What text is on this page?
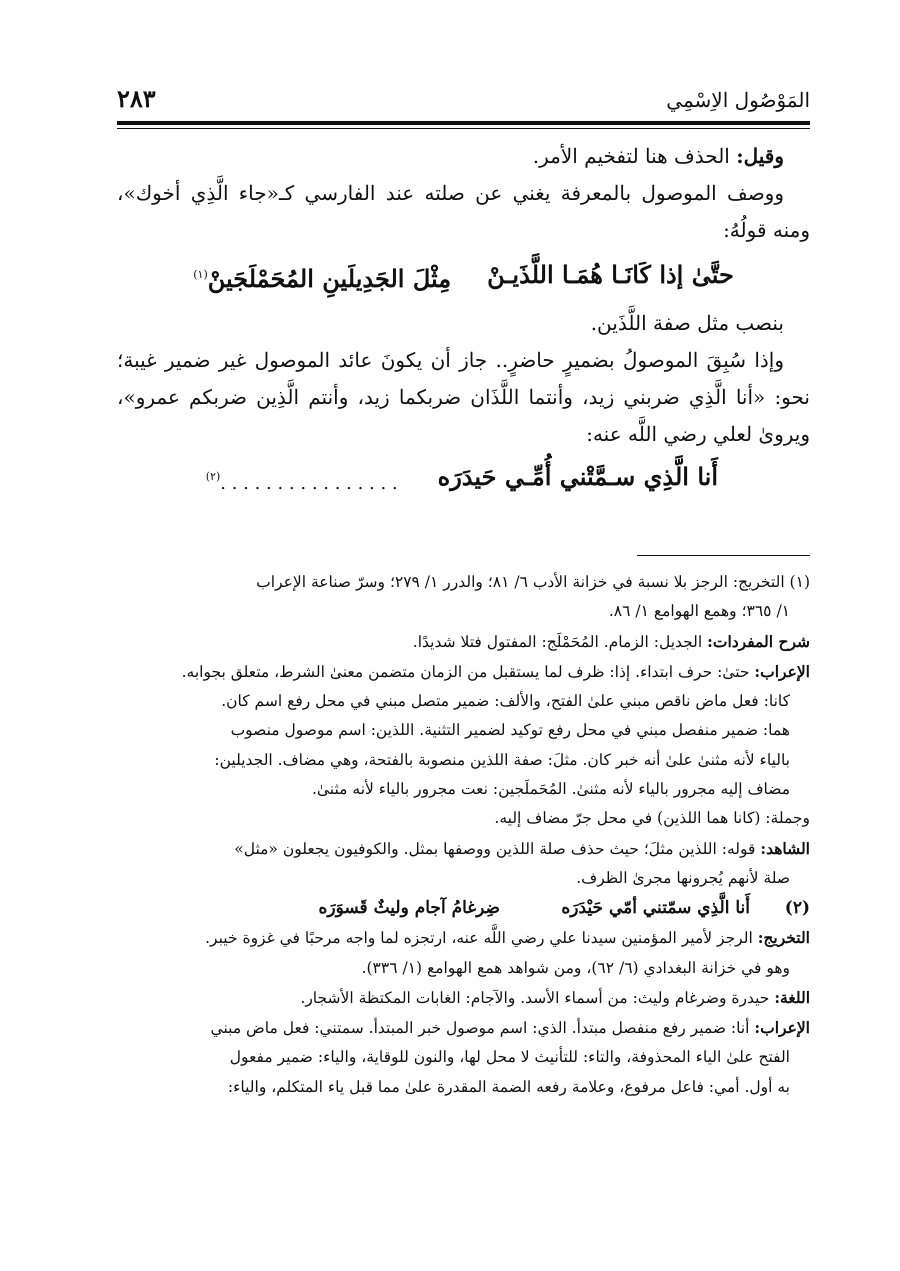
المَوْصُول الاِسْمِي
٢٨٣

وقيل: الحذف هنا لتفخيم الأمر.

ووصف الموصول بالمعرفة يغني عن صلته عند الفارسي كـ«جاء الَّذِي أخوك»، ومنه قولُهُ:

حتَّىٰ إذا كَانَـا هُمَـا اللَّذَيـنْ
مِثْلَ الجَدِيلَينِ المُحَمْلَجَينْ$^{(١)}$

بنصب مثل صفة اللَّذَين.

وإذا سُبِقَ الموصولُ بضميرٍ حاضرٍ.. جاز أن يكونَ عائد الموصول غير ضمير غيبة؛ نحو: «أنا الَّذِي ضربني زيد، وأنتما اللَّذَان ضربكما زيد، وأنتم الَّذِين ضربكم عمرو»، ويروىٰ لعلي رضي اللَّه عنه:

أَنا الَّذِي سـمَّتْني أُمِّـي حَيدَرَه
. . . . . . . . . . . . . . . .$^{(٢)}$

(١) التخريج: الرجز بلا نسبة في خزانة الأدب ٦/ ٨١؛ والدرر ١/ ٢٧٩؛ وسرّ صناعة الإعراب

١/ ٣٦٥؛ وهمع الهوامع ١/ ٨٦.

شرح المفردات: الجديل: الزمام. المُحَمْلَج: المفتول فتلا شديدًا.

الإعراب: حتىٰ: حرف ابتداء. إذا: ظرف لما يستقبل من الزمان متضمن معنىٰ الشرط، متعلق بجوابه.

كانا: فعل ماض ناقص مبني علىٰ الفتح، والألف: ضمير متصل مبني في محل رفع اسم كان.

هما: ضمير منفصل مبني في محل رفع توكيد لضمير التثنية. اللذين: اسم موصول منصوب

بالياء لأنه مثنىٰ علىٰ أنه خبر كان. مثلَ: صفة اللذين منصوبة بالفتحة، وهي مضاف. الجديلين:

مضاف إليه مجرور بالياء لأنه مثنىٰ. المُحَملَجين: نعت مجرور بالياء لأنه مثنىٰ.

وجملة: (كانا هما اللذين) في محل جرّ مضاف إليه.

الشاهد: قوله: اللذين مثلَ؛ حيث حذف صلة اللذين ووصفها بمثل. والكوفيون يجعلون «مثل»

صلة لأنهم يُجرونها مجرىٰ الظرف.

(٢)
أَنا الَّذِي سمّتني أمّي حَيْدَرَه
ضِرغامُ آجام وليثٌ قَسوَرَه

التخريج: الرجز لأمير المؤمنين سيدنا علي رضي اللَّه عنه، ارتجزه لما واجه مرحبًا في غزوة خيبر.

وهو في خزانة البغدادي (٦/ ٦٢)، ومن شواهد همع الهوامع (١/ ٣٣٦).

اللغة: حيدرة وضرغام وليث: من أسماء الأسد. والآجام: الغابات المكتظة الأشجار.

الإعراب: أنا: ضمير رفع منفصل مبتدأ. الذي: اسم موصول خبر المبتدأ. سمتني: فعل ماض مبني

الفتح علىٰ الياء المحذوفة، والتاء: للتأنيث لا محل لها، والنون للوقاية، والياء: ضمير مفعول

به أول. أمي: فاعل مرفوع، وعلامة رفعه الضمة المقدرة علىٰ مما قبل ياء المتكلم، والياء:
